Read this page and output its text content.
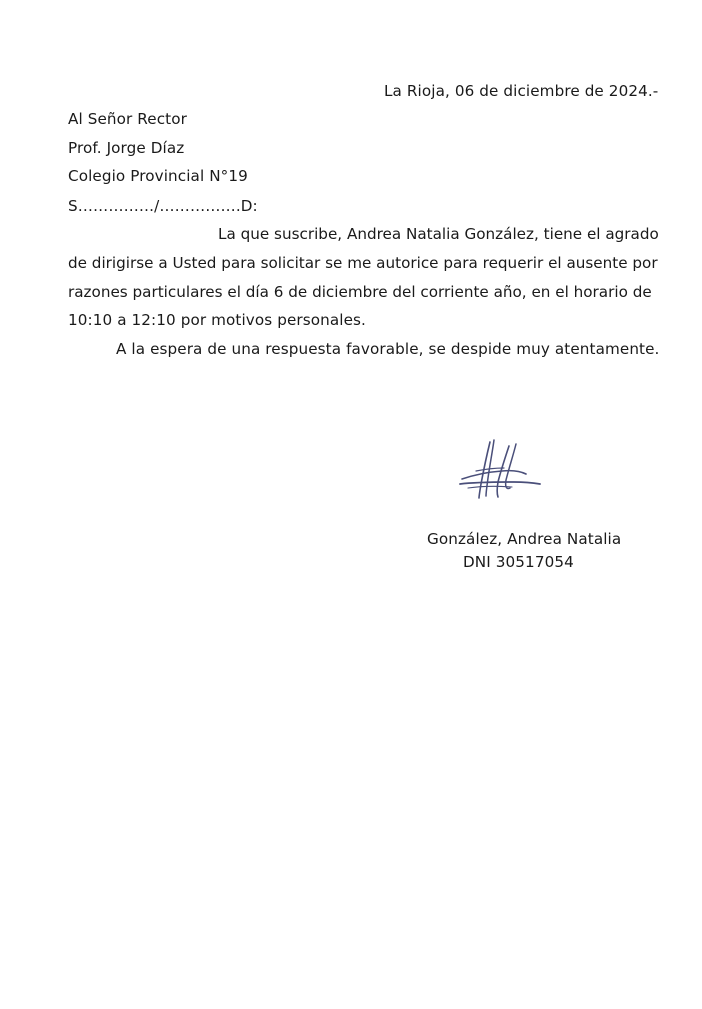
La Rioja, 06 de diciembre de 2024.-
Al Señor Rector
Prof. Jorge Díaz
Colegio Provincial N°19
S……………/…………….D:
La que suscribe, Andrea Natalia González, tiene el agrado
de dirigirse a Usted para solicitar se me autorice para requerir el ausente por
razones particulares el día 6 de diciembre del corriente año, en el horario de
10:10 a 12:10 por motivos personales.
A la espera de una respuesta favorable, se despide muy atentamente.
González, Andrea Natalia
DNI 30517054
